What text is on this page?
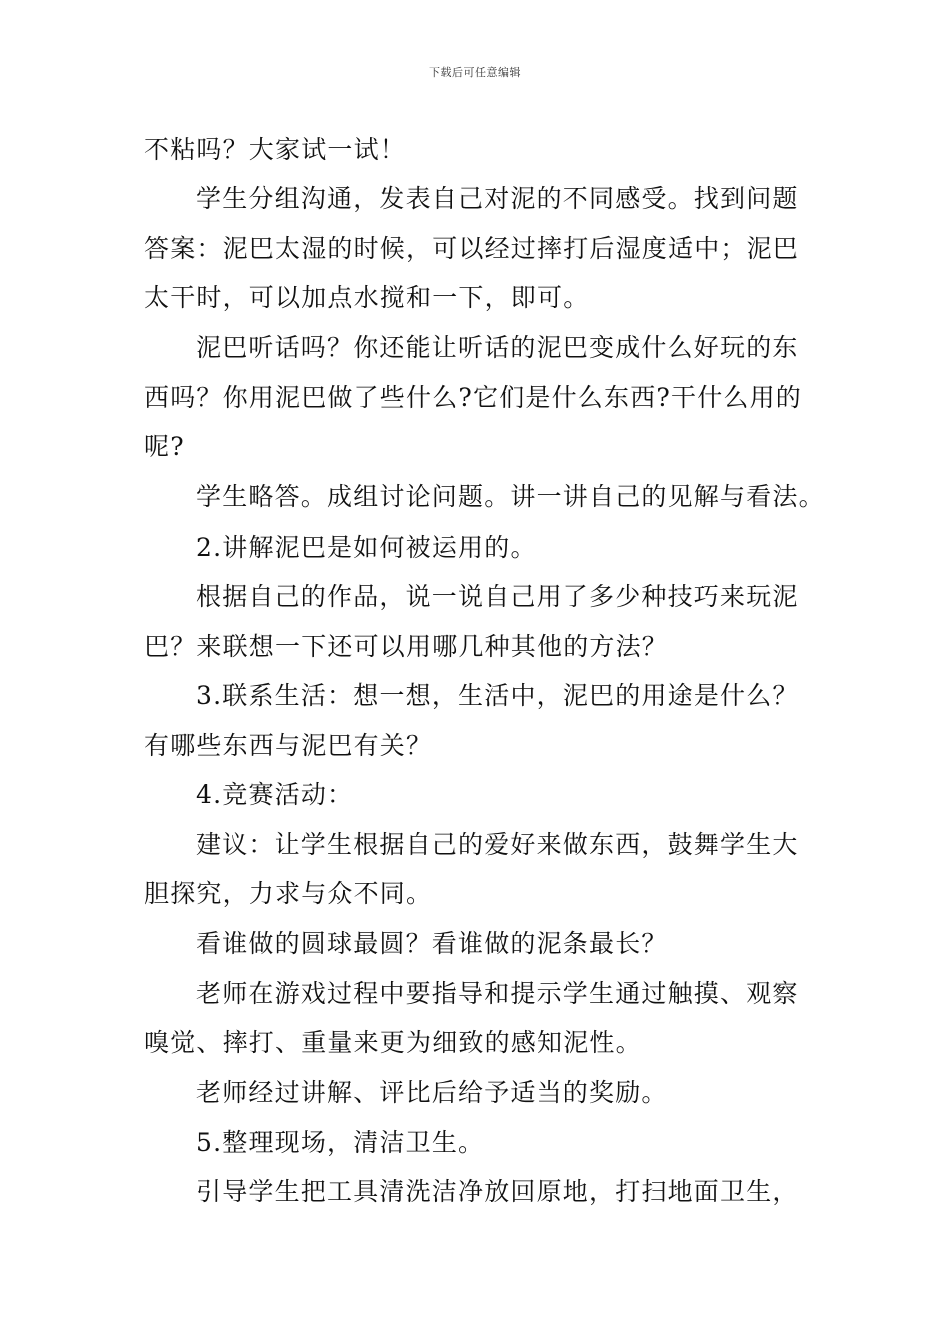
下载后可任意编辑
不粘吗？大家试一试！
学生分组沟通，发表自己对泥的不同感受。找到问题
答案：泥巴太湿的时候，可以经过摔打后湿度适中；泥巴
太干时，可以加点水搅和一下，即可。
泥巴听话吗？你还能让听话的泥巴变成什么好玩的东
西吗？你用泥巴做了些什么?它们是什么东西?干什么用的
呢?
学生略答。成组讨论问题。讲一讲自己的见解与看法。
2.讲解泥巴是如何被运用的。
根据自己的作品，说一说自己用了多少种技巧来玩泥
巴？来联想一下还可以用哪几种其他的方法？
3.联系生活：想一想，生活中，泥巴的用途是什么？
有哪些东西与泥巴有关？
4.竞赛活动：
建议：让学生根据自己的爱好来做东西，鼓舞学生大
胆探究，力求与众不同。
看谁做的圆球最圆？看谁做的泥条最长？
老师在游戏过程中要指导和提示学生通过触摸、观察
嗅觉、摔打、重量来更为细致的感知泥性。
老师经过讲解、评比后给予适当的奖励。
5.整理现场，清洁卫生。
引导学生把工具清洗洁净放回原地，打扫地面卫生，
